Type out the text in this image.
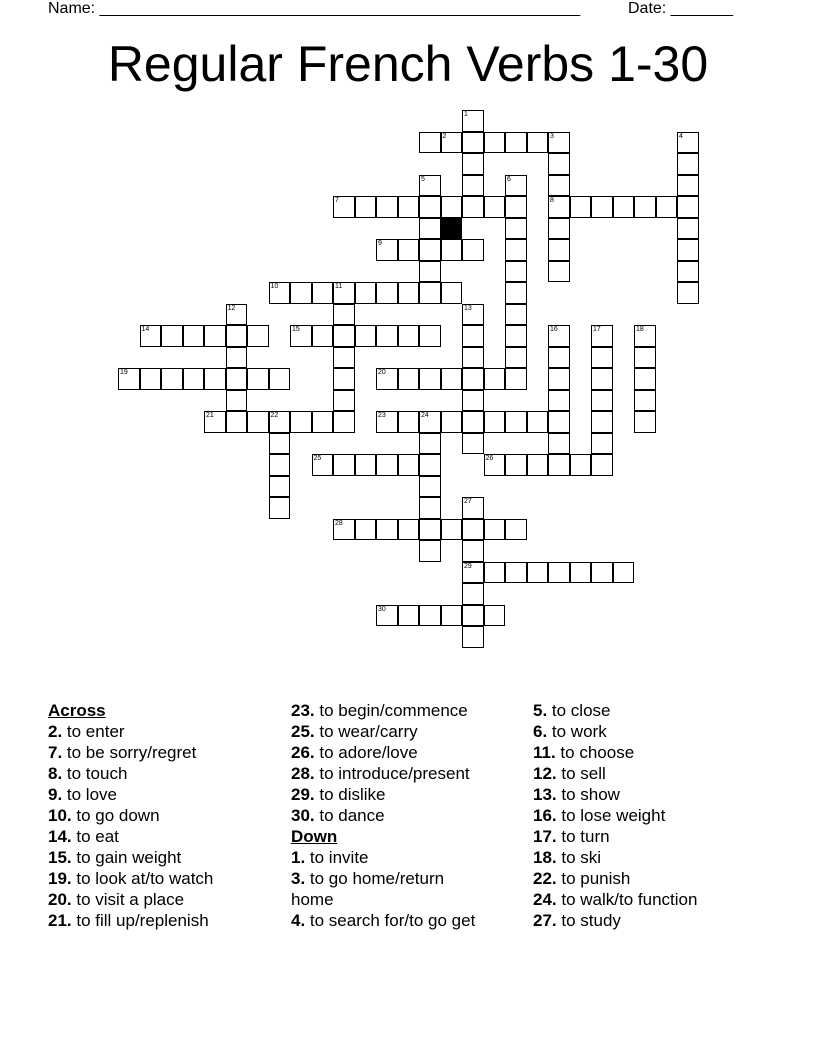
Name: ______________________________________________________	Date: _______
Regular French Verbs 1-30
1
2	3	4
5	6
7	8
9
10	11
12	13
14	15	16	17	18
19	20
21	22	23	24
25	26
27
28
29
30

Across

2. to enter

7. to be sorry/regret

8. to touch

9. to love

10. to go down

14. to eat

15. to gain weight

19. to look at/to watch

20. to visit a place

21. to fill up/replenish

23. to begin/commence

25. to wear/carry

26. to adore/love

28. to introduce/present

29. to dislike

30. to dance

Down

1. to invite

3. to go home/return home

4. to search for/to go get

5. to close

6. to work

11. to choose

12. to sell

13. to show

16. to lose weight

17. to turn

18. to ski

22. to punish

24. to walk/to function

27. to study
